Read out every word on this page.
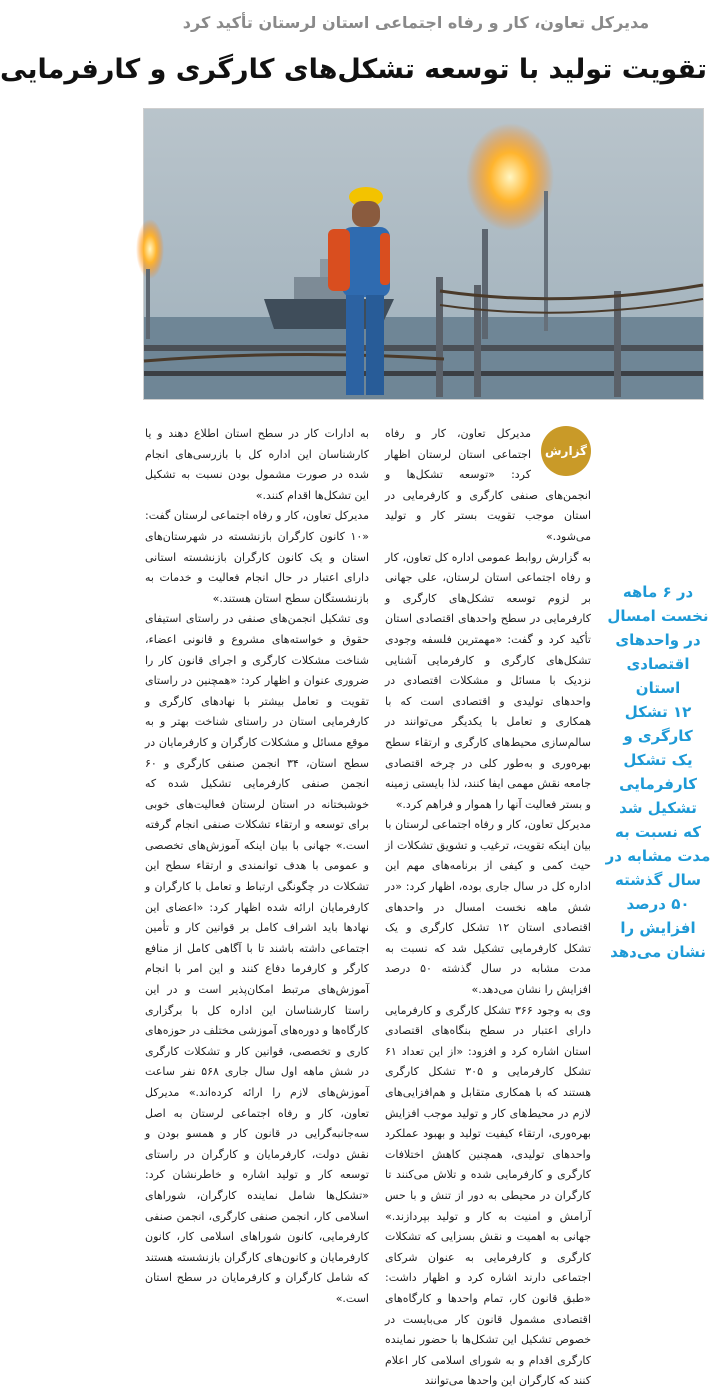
مدیرکل تعاون، کار و رفاه اجتماعی استان لرستان تأکید کرد
تقویت تولید با توسعه تشکل‌های کارگری و کارفرمایی
در ۶ ماهه
نخست امسال
در واحدهای
اقتصادی
استان
۱۲ تشکل
کارگری و
یک تشکل
کارفرمایی
تشکیل شد
که نسبت به
مدت مشابه در
سال گذشته
۵۰ درصد
افزایش را
نشان می‌دهد
گزارش

مدیرکل تعاون، کار و رفاه اجتماعی استان لرستان اظهار کرد: «توسعه تشکل‌ها و انجمن‌های صنفی کارگری و کارفرمایی در استان موجب تقویت بستر کار و تولید می‌شود.»

به گزارش روابط عمومی اداره کل تعاون، کار و رفاه اجتماعی استان لرستان، علی جهانی بر لزوم توسعه تشکل‌های کارگری و کارفرمایی در سطح واحدهای اقتصادی استان تأکید کرد و گفت: «مهمترین فلسفه وجودی تشکل‌های کارگری و کارفرمایی آشنایی نزدیک با مسائل و مشکلات اقتصادی در واحدهای تولیدی و اقتصادی است که با همکاری و تعامل با یکدیگر می‌توانند در سالم‌سازی محیط‌های کارگری و ارتقاء سطح بهره‌وری و به‌طور کلی در چرخه اقتصادی جامعه نقش مهمی ایفا کنند، لذا بایستی زمینه و بستر فعالیت آنها را هموار و فراهم کرد.»

مدیرکل تعاون، کار و رفاه اجتماعی لرستان با بیان اینکه تقویت، ترغیب و تشویق تشکلات از حیث کمی و کیفی از برنامه‌های مهم این اداره کل در سال جاری بوده، اظهار کرد: «در شش ماهه نخست امسال در واحدهای اقتصادی استان ۱۲ تشکل کارگری و یک تشکل کارفرمایی تشکیل شد که نسبت به مدت مشابه در سال گذشته ۵۰ درصد افزایش را نشان می‌دهد.»

وی به وجود ۳۶۶ تشکل کارگری و کارفرمایی دارای اعتبار در سطح بنگاه‌های اقتصادی استان اشاره کرد و افزود: «از این تعداد ۶۱ تشکل کارفرمایی و ۳۰۵ تشکل کارگری هستند که با همکاری متقابل و هم‌افزایی‌های لازم در محیط‌های کار و تولید موجب افزایش بهره‌وری، ارتقاء کیفیت تولید و بهبود عملکرد واحدهای تولیدی، همچنین کاهش اختلافات کارگری و کارفرمایی شده و تلاش می‌کنند تا کارگران در محیطی به دور از تنش و با حس آرامش و امنیت به کار و تولید بپردازند.» جهانی به اهمیت و نقش بسزایی که تشکلات کارگری و کارفرمایی به عنوان شرکای اجتماعی دارند اشاره کرد و اظهار داشت: «طبق قانون کار، تمام واحدها و کارگاه‌های اقتصادی مشمول قانون کار می‌بایست در خصوص تشکیل این تشکل‌ها با حضور نماینده کارگری اقدام و به شورای اسلامی کار اعلام کنند که کارگران این واحدها می‌توانند

به ادارات کار در سطح استان اطلاع دهند و یا کارشناسان این اداره کل با بازرسی‌های انجام شده در صورت مشمول بودن نسبت به تشکیل این تشکل‌ها اقدام کنند.»

مدیرکل تعاون، کار و رفاه اجتماعی لرستان گفت: «۱۰ کانون کارگران بازنشسته در شهرستان‌های استان و یک کانون کارگران بازنشسته استانی دارای اعتبار در حال انجام فعالیت و خدمات به بازنشستگان سطح استان هستند.»

وی تشکیل انجمن‌های صنفی در راستای استیفای حقوق و خواسته‌های مشروع و قانونی اعضاء، شناخت مشکلات کارگری و اجرای قانون کار را ضروری عنوان و اظهار کرد: «همچنین در راستای تقویت و تعامل بیشتر با نهادهای کارگری و کارفرمایی استان در راستای شناخت بهتر و به موقع مسائل و مشکلات کارگران و کارفرمایان در سطح استان، ۳۴ انجمن صنفی کارگری و ۶۰ انجمن صنفی کارفرمایی تشکیل شده که خوشبختانه در استان لرستان فعالیت‌های خوبی برای توسعه و ارتقاء تشکلات صنفی انجام گرفته است.» جهانی با بیان اینکه آموزش‌های تخصصی و عمومی با هدف توانمندی و ارتقاء سطح این تشکلات در چگونگی ارتباط و تعامل با کارگران و کارفرمایان ارائه شده اظهار کرد: «اعضای این نهادها باید اشراف کامل بر قوانین کار و تأمین اجتماعی داشته باشند تا با آگاهی کامل از منافع کارگر و کارفرما دفاع کنند و این امر با انجام آموزش‌های مرتبط امکان‌پذیر است و در این راستا کارشناسان این اداره کل با برگزاری کارگاه‌ها و دوره‌های آموزشی مختلف در حوزه‌های کاری و تخصصی، قوانین کار و تشکلات کارگری در شش ماهه اول سال جاری ۵۶۸ نفر ساعت آموزش‌های لازم را ارائه کرده‌اند.» مدیرکل تعاون، کار و رفاه اجتماعی لرستان به اصل سه‌جانبه‌گرایی در قانون کار و همسو بودن و نقش دولت، کارفرمایان و کارگران در راستای توسعه کار و تولید اشاره و خاطرنشان کرد: «تشکل‌ها شامل نماینده کارگران، شوراهای اسلامی کار، انجمن صنفی کارگری، انجمن صنفی کارفرمایی، کانون شوراهای اسلامی کار، کانون کارفرمایان و کانون‌های کارگران بازنشسته هستند که شامل کارگران و کارفرمایان در سطح استان است.»
